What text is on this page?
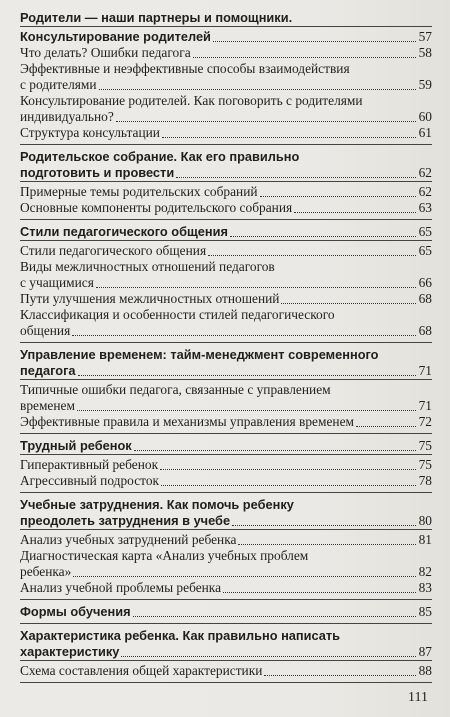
Родители — наши партнеры и помощники.
Консультирование родителей	57
Что делать? Ошибки педагога	58
Эффективные и неэффективные способы взаимодействия
с родителями	59
Консультирование родителей. Как поговорить с родителями
индивидуально?	60
Структура консультации	61
Родительское собрание. Как его правильно
подготовить и провести	62
Примерные темы родительских собраний	62
Основные компоненты родительского собрания	63
Стили педагогического общения	65
Стили педагогического общения	65
Виды межличностных отношений педагогов
с учащимися	66
Пути улучшения межличностных отношений	68
Классификация и особенности стилей педагогического
общения	68
Управление временем: тайм-менеджмент современного
педагога	71
Типичные ошибки педагога, связанные с управлением
временем	71
Эффективные правила и механизмы управления временем	72
Трудный ребенок	75
Гиперактивный ребенок	75
Агрессивный подросток	78
Учебные затруднения. Как помочь ребенку
преодолеть затруднения в учебе	80
Анализ учебных затруднений ребенка	81
Диагностическая карта «Анализ учебных проблем
ребенка»	82
Анализ учебной проблемы ребенка	83
Формы обучения	85
Характеристика ребенка. Как правильно написать
характеристику	87
Схема составления общей характеристики	88
111
